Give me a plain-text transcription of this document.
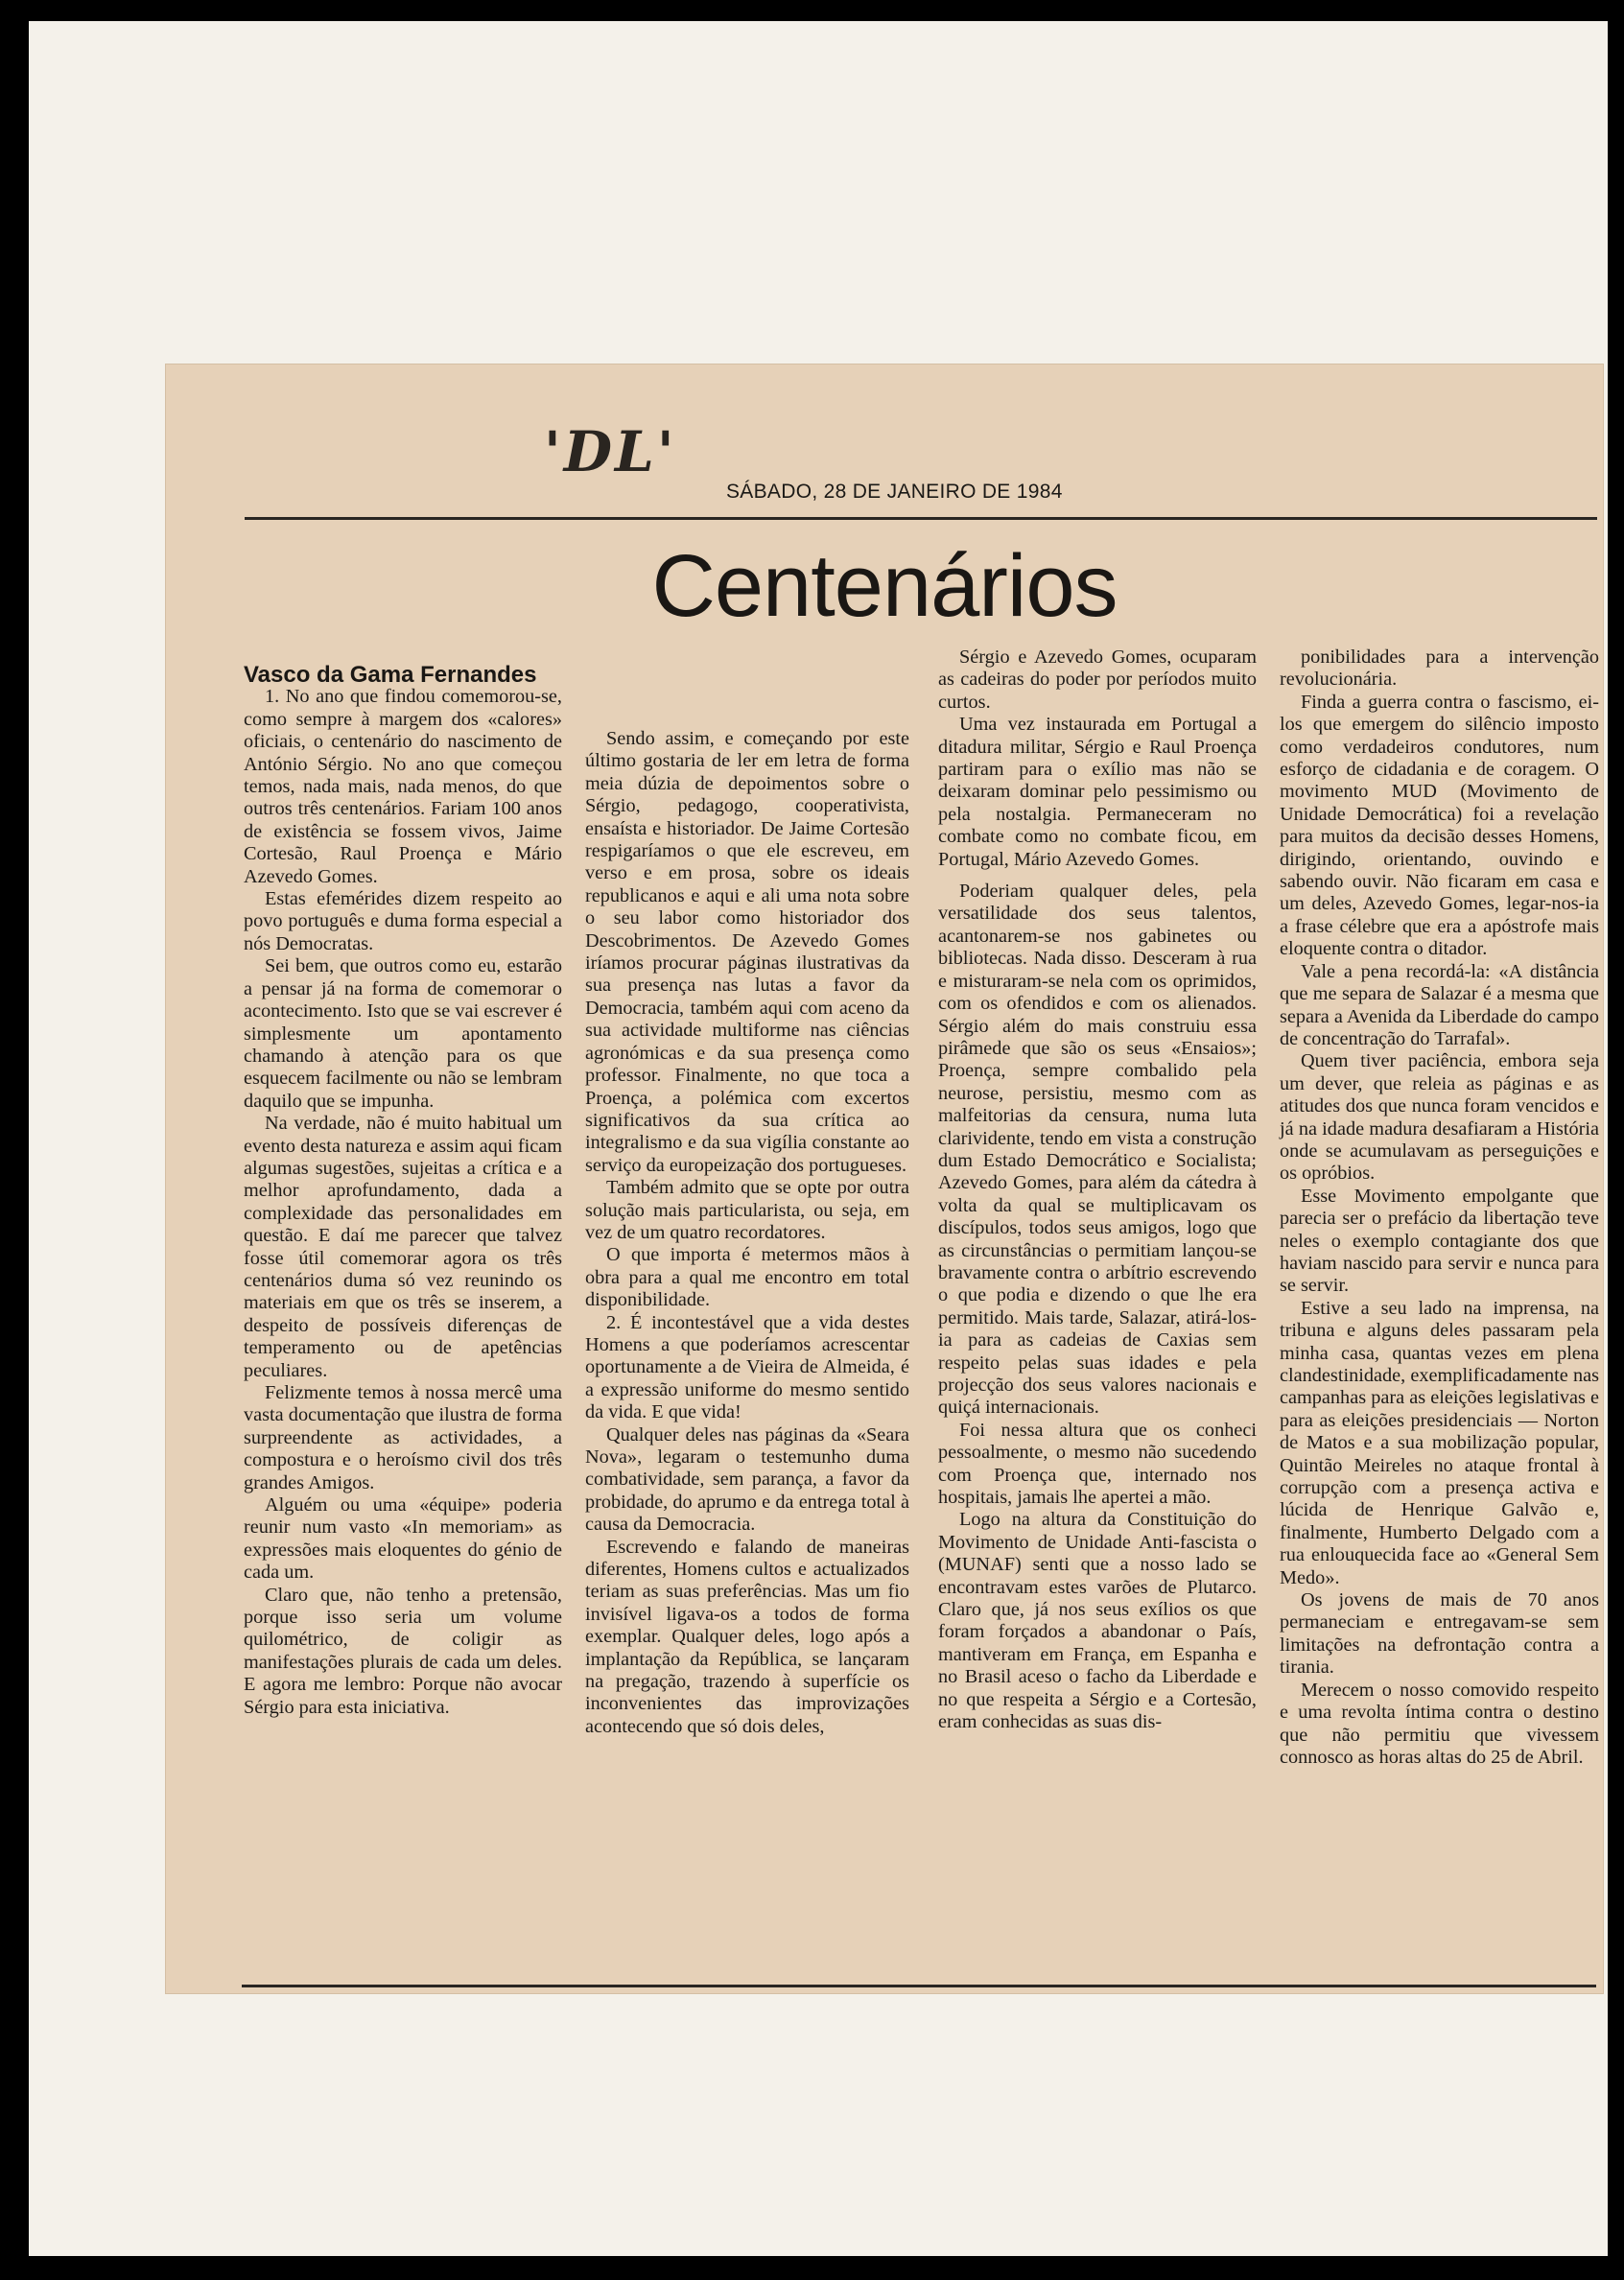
'DL'
SÁBADO, 28 DE JANEIRO DE 1984
Centenários

Vasco da Gama Fernandes

1. No ano que findou comemorou-se, como sempre à margem dos «calores» oficiais, o centenário do nascimento de António Sérgio. No ano que começou temos, nada mais, nada menos, do que outros três centenários. Fariam 100 anos de existência se fossem vivos, Jaime Cortesão, Raul Proença e Mário Azevedo Gomes.

Estas efemérides dizem respeito ao povo português e duma forma especial a nós Democratas.

Sei bem, que outros como eu, estarão a pensar já na forma de comemorar o acontecimento. Isto que se vai escrever é simplesmente um apontamento chamando à atenção para os que esquecem facilmente ou não se lembram daquilo que se impunha.

Na verdade, não é muito habitual um evento desta natureza e assim aqui ficam algumas sugestões, sujeitas a crítica e a melhor aprofundamento, dada a complexidade das personalidades em questão. E daí me parecer que talvez fosse útil comemorar agora os três centenários duma só vez reunindo os materiais em que os três se inserem, a despeito de possíveis diferenças de temperamento ou de apetências peculiares.

Felizmente temos à nossa mercê uma vasta documentação que ilustra de forma surpreendente as actividades, a compostura e o heroísmo civil dos três grandes Amigos.

Alguém ou uma «équipe» poderia reunir num vasto «In memoriam» as expressões mais eloquentes do génio de cada um.

Claro que, não tenho a pretensão, porque isso seria um volume quilométrico, de coligir as manifestações plurais de cada um deles. E agora me lembro: Porque não avocar Sérgio para esta iniciativa.

Sendo assim, e começando por este último gostaria de ler em letra de forma meia dúzia de depoimentos sobre o Sérgio, pedagogo, cooperativista, ensaísta e historiador. De Jaime Cortesão respigaríamos o que ele escreveu, em verso e em prosa, sobre os ideais republicanos e aqui e ali uma nota sobre o seu labor como historiador dos Descobrimentos. De Azevedo Gomes iríamos procurar páginas ilustrativas da sua presença nas lutas a favor da Democracia, também aqui com aceno da sua actividade multiforme nas ciências agronómicas e da sua presença como professor. Finalmente, no que toca a Proença, a polémica com excertos significativos da sua crítica ao integralismo e da sua vigília constante ao serviço da europeização dos portugueses.

Também admito que se opte por outra solução mais particularista, ou seja, em vez de um quatro recordatores.

O que importa é metermos mãos à obra para a qual me encontro em total disponibilidade.

2. É incontestável que a vida destes Homens a que poderíamos acrescentar oportunamente a de Vieira de Almeida, é a expressão uniforme do mesmo sentido da vida. E que vida!

Qualquer deles nas páginas da «Seara Nova», legaram o testemunho duma combatividade, sem parança, a favor da probidade, do aprumo e da entrega total à causa da Democracia.

Escrevendo e falando de maneiras diferentes, Homens cultos e actualizados teriam as suas preferências. Mas um fio invisível ligava-os a todos de forma exemplar. Qualquer deles, logo após a implantação da República, se lançaram na pregação, trazendo à superfície os inconvenientes das improvizações acontecendo que só dois deles,

Sérgio e Azevedo Gomes, ocuparam as cadeiras do poder por períodos muito curtos.

Uma vez instaurada em Portugal a ditadura militar, Sérgio e Raul Proença partiram para o exílio mas não se deixaram dominar pelo pessimismo ou pela nostalgia. Permaneceram no combate como no combate ficou, em Portugal, Mário Azevedo Gomes.

Poderiam qualquer deles, pela versatilidade dos seus talentos, acantonarem-se nos gabinetes ou bibliotecas. Nada disso. Desceram à rua e misturaram-se nela com os oprimidos, com os ofendidos e com os alienados. Sérgio além do mais construiu essa pirâmede que são os seus «Ensaios»; Proença, sempre combalido pela neurose, persistiu, mesmo com as malfeitorias da censura, numa luta clarividente, tendo em vista a construção dum Estado Democrático e Socialista; Azevedo Gomes, para além da cátedra à volta da qual se multiplicavam os discípulos, todos seus amigos, logo que as circunstâncias o permitiam lançou-se bravamente contra o arbítrio escrevendo o que podia e dizendo o que lhe era permitido. Mais tarde, Salazar, atirá-los-ia para as cadeias de Caxias sem respeito pelas suas idades e pela projecção dos seus valores nacionais e quiçá internacionais.

Foi nessa altura que os conheci pessoalmente, o mesmo não sucedendo com Proença que, internado nos hospitais, jamais lhe apertei a mão.

Logo na altura da Constituição do Movimento de Unidade Anti-fascista o (MUNAF) senti que a nosso lado se encontravam estes varões de Plutarco. Claro que, já nos seus exílios os que foram forçados a abandonar o País, mantiveram em França, em Espanha e no Brasil aceso o facho da Liberdade e no que respeita a Sérgio e a Cortesão, eram conhecidas as suas dis-

ponibilidades para a intervenção revolucionária.

Finda a guerra contra o fascismo, ei-los que emergem do silêncio imposto como verdadeiros condutores, num esforço de cidadania e de coragem. O movimento MUD (Movimento de Unidade Democrática) foi a revelação para muitos da decisão desses Homens, dirigindo, orientando, ouvindo e sabendo ouvir. Não ficaram em casa e um deles, Azevedo Gomes, legar-nos-ia a frase célebre que era a apóstrofe mais eloquente contra o ditador.

Vale a pena recordá-la: «A distância que me separa de Salazar é a mesma que separa a Avenida da Liberdade do campo de concentração do Tarrafal».

Quem tiver paciência, embora seja um dever, que releia as páginas e as atitudes dos que nunca foram vencidos e já na idade madura desafiaram a História onde se acumulavam as perseguições e os opróbios.

Esse Movimento empolgante que parecia ser o prefácio da libertação teve neles o exemplo contagiante dos que haviam nascido para servir e nunca para se servir.

Estive a seu lado na imprensa, na tribuna e alguns deles passaram pela minha casa, quantas vezes em plena clandestinidade, exemplificadamente nas campanhas para as eleições legislativas e para as eleições presidenciais — Norton de Matos e a sua mobilização popular, Quintão Meireles no ataque frontal à corrupção com a presença activa e lúcida de Henrique Galvão e, finalmente, Humberto Delgado com a rua enlouquecida face ao «General Sem Medo».

Os jovens de mais de 70 anos permaneciam e entregavam-se sem limitações na defrontação contra a tirania.

Merecem o nosso comovido respeito e uma revolta íntima contra o destino que não permitiu que vivessem connosco as horas altas do 25 de Abril.
